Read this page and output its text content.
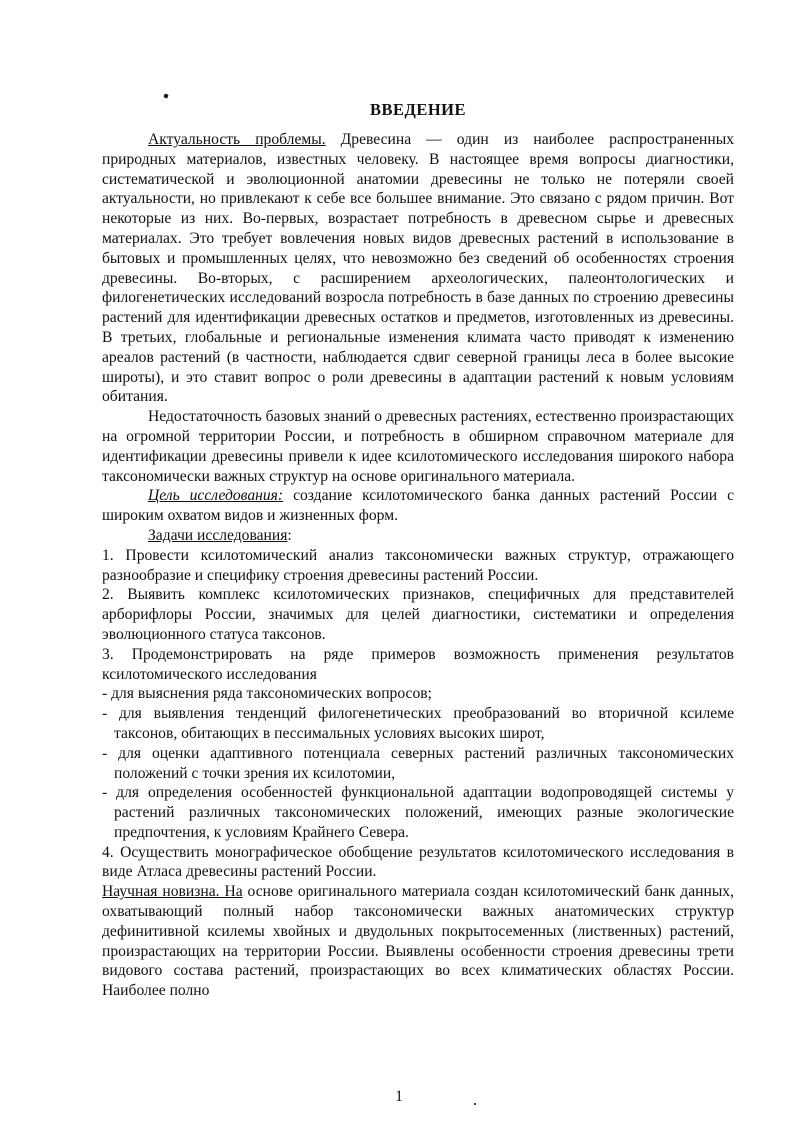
ВВЕДЕНИЕ

Актуальность проблемы. Древесина — один из наиболее распространенных природных материалов, известных человеку. В настоящее время вопросы диагностики, систематической и эволюционной анатомии древесины не только не потеряли своей актуальности, но привлекают к себе все большее внимание. Это связано с рядом причин. Вот некоторые из них. Во-первых, возрастает потребность в древесном сырье и древесных материалах. Это требует вовлечения новых видов древесных растений в использование в бытовых и промышленных целях, что невозможно без сведений об особенностях строения древесины. Во-вторых, с расширением археологических, палеонтологических и филогенетических исследований возросла потребность в базе данных по строению древесины растений для идентификации древесных остатков и предметов, изготовленных из древесины. В третьих, глобальные и региональные изменения климата часто приводят к изменению ареалов растений (в частности, наблюдается сдвиг северной границы леса в более высокие широты), и это ставит вопрос о роли древесины в адаптации растений к новым условиям обитания.

Недостаточность базовых знаний о древесных растениях, естественно произрастающих на огромной территории России, и потребность в обширном справочном материале для идентификации древесины привели к идее ксилотомического исследования широкого набора таксономически важных структур на основе оригинального материала.

Цель исследования: создание ксилотомического банка данных растений России с широким охватом видов и жизненных форм.

Задачи исследования:

1. Провести ксилотомический анализ таксономически важных структур, отражающего разнообразие и специфику строения древесины растений России.

2. Выявить комплекс ксилотомических признаков, специфичных для представителей арборифлоры России, значимых для целей диагностики, систематики и определения эволюционного статуса таксонов.

3. Продемонстрировать на ряде примеров возможность применения результатов ксилотомического исследования

- для выяснения ряда таксономических вопросов;

- для выявления тенденций филогенетических преобразований во вторичной ксилеме таксонов, обитающих в пессимальных условиях высоких широт,

- для оценки адаптивного потенциала северных растений различных таксономических положений с точки зрения их ксилотомии,

- для определения особенностей функциональной адаптации водопроводящей системы у растений различных таксономических положений, имеющих разные экологические предпочтения, к условиям Крайнего Севера.

4. Осуществить монографическое обобщение результатов ксилотомического исследования в виде Атласа древесины растений России.

Научная новизна. На основе оригинального материала создан ксилотомический банк данных, охватывающий полный набор таксономически важных анатомических структур дефинитивной ксилемы хвойных и двудольных покрытосеменных (лиственных) растений, произрастающих на территории России. Выявлены особенности строения древесины трети видового состава растений, произрастающих во всех климатических областях России. Наиболее полно

1
